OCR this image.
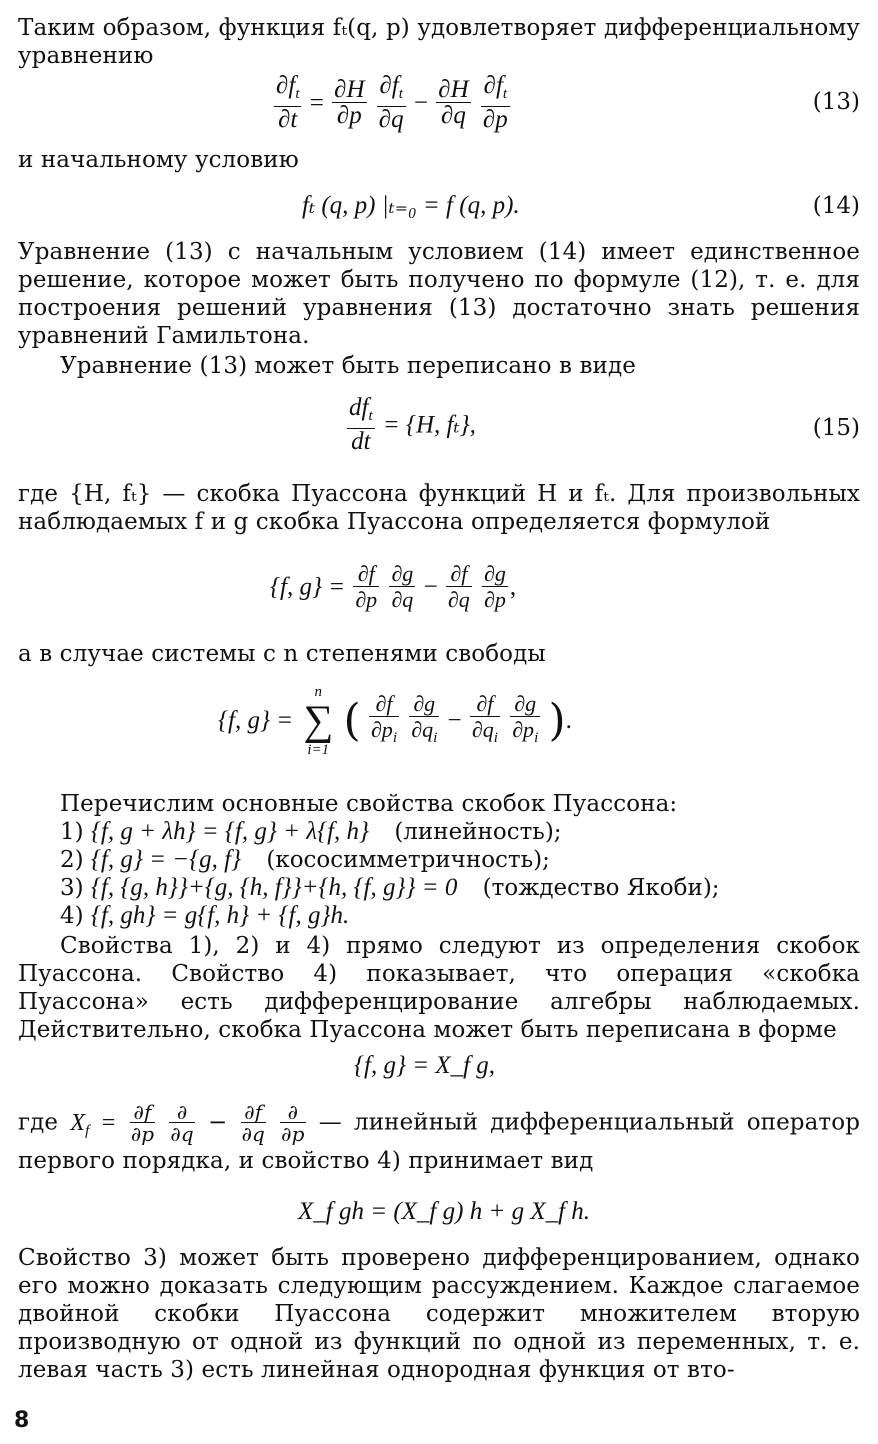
Таким образом, функция fₜ(q, p) удовлетворяет дифференциальному уравнению
$\frac{\partial f_t}{\partial t} = \frac{\partial H}{\partial p}$
$\frac{\partial f_t}{\partial q} - \frac{\partial H}{\partial q}$
$\frac{\partial f_t}{\partial p}$	(13)
и начальному условию
fₜ (q, p) |ₜ₌₀ = f (q, p).	(14)
Уравнение (13) с начальным условием (14) имеет единственное решение, которое может быть получено по формуле (12), т. е. для построения решений уравнения (13) достаточно знать решения уравнений Гамильтона.
Уравнение (13) может быть переписано в виде
$\frac{df_t}{dt} = \{H$, fₜ},	(15)
где {H, fₜ} — скобка Пуассона функций H и fₜ. Для произвольных наблюдаемых f и g скобка Пуассона определяется формулой
{f, $g\} = \frac{\partial f}{\partial p}$
$\frac{\partial g}{\partial q} - \frac{\partial f}{\partial q}$
$\frac{\partial g}{\partial p}$ ,
а в случае системы с n степенями свободы
{f, g} =
n
∑
i=1
( $\frac{\partial f}{\partial p_i}$
$\frac{\partial g}{\partial q_i} - \frac{\partial f}{\partial q_i}$
$\frac{\partial g}{\partial p_i}$ ).
Перечислим основные свойства скобок Пуассона:
1) {f, g + λh} = {f, g} + λ{f, h} (линейность);
2) {f, g} = −{g, f} (кососимметричность);
3) {f, {g, h}}+{g, {h, f}}+{h, {f, g}} = 0 (тождество Якоби);
4) {f, gh} = g{f, h} + {f, g}h.
Свойства 1), 2) и 4) прямо следуют из определения скобок Пуассона. Свойство 4) показывает, что операция «скобка Пуассона» есть дифференцирование алгебры наблюдаемых. Действительно, скобка Пуассона может быть переписана в форме
{f, g} = X_f g,
где $X_f = \frac{\partial f}{\partial p}$
$\frac{\partial}{\partial q} - \frac{\partial f}{\partial q}$
$\frac{\partial}{\partial p}$ — линейный дифференциальный оператор первого порядка, и свойство 4) принимает вид
X_f gh = (X_f g) h + g X_f h.
Свойство 3) может быть проверено дифференцированием, однако его можно доказать следующим рассуждением. Каждое слагаемое двойной скобки Пуассона содержит множителем вторую производную от одной из функций по одной из переменных, т. е. левая часть 3) есть линейная однородная функция от вто-
8
